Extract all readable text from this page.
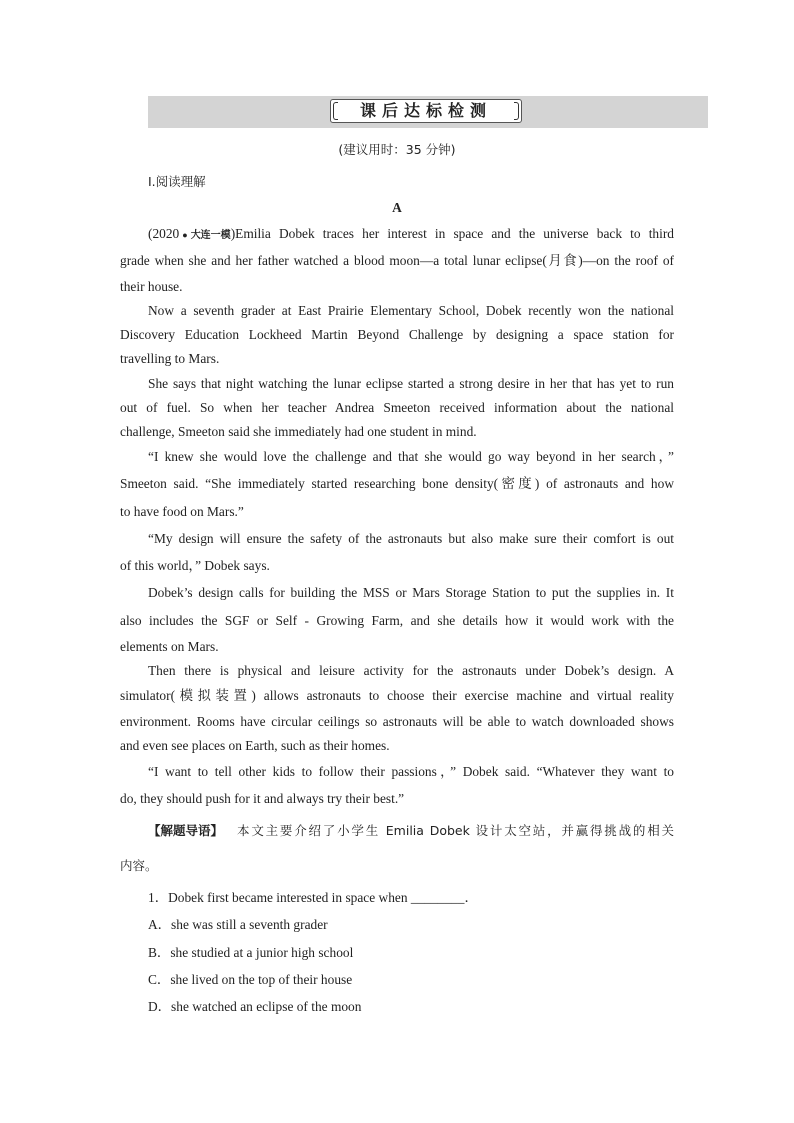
课后达标检测
(建议用时：35 分钟)
Ⅰ.阅读理解
A
(2020 ● 大连一模 )Emilia Dobek traces her interest in space and the universe back to third
grade when she and her father watched a blood moon—a total lunar eclipse(月食)—on the roof of
their house.
Now a seventh grader at East Prairie Elementary School, Dobek recently won the national
Discovery Education Lockheed Martin Beyond Challenge by designing a space station for
travelling to Mars.
She says that night watching the lunar eclipse started a strong desire in her that has yet to run
out of fuel. So when her teacher Andrea Smeeton received information about the national
challenge, Smeeton said she immediately had one student in mind.
“I knew she would love the challenge and that she would go way beyond in her search，”
Smeeton said. “She immediately started researching bone density(密度) of astronauts and how
to have food on Mars.”
“My design will ensure the safety of the astronauts but also make sure their comfort is out
of this world，” Dobek says.
Dobek’s design calls for building the MSS or Mars Storage Station to put the supplies in. It
also includes the SGF or Self - Growing Farm, and she details how it would work with the
elements on Mars.
Then there is physical and leisure activity for the astronauts under Dobek’s design. A
simulator(模拟装置) allows astronauts to choose their exercise machine and virtual reality
environment. Rooms have circular ceilings so astronauts will be able to watch downloaded shows
and even see places on Earth, such as their homes.
“I want to tell other kids to follow their passions，” Dobek said. “Whatever they want to
do, they should push for it and always try their best.”
【解题导语】 本文主要介绍了小学生 Emilia Dobek 设计太空站，并赢得挑战的相关
内容。
1．Dobek first became interested in space when ________．
A．she was still a seventh grader
B．she studied at a junior high school
C．she lived on the top of their house
D．she watched an eclipse of the moon
